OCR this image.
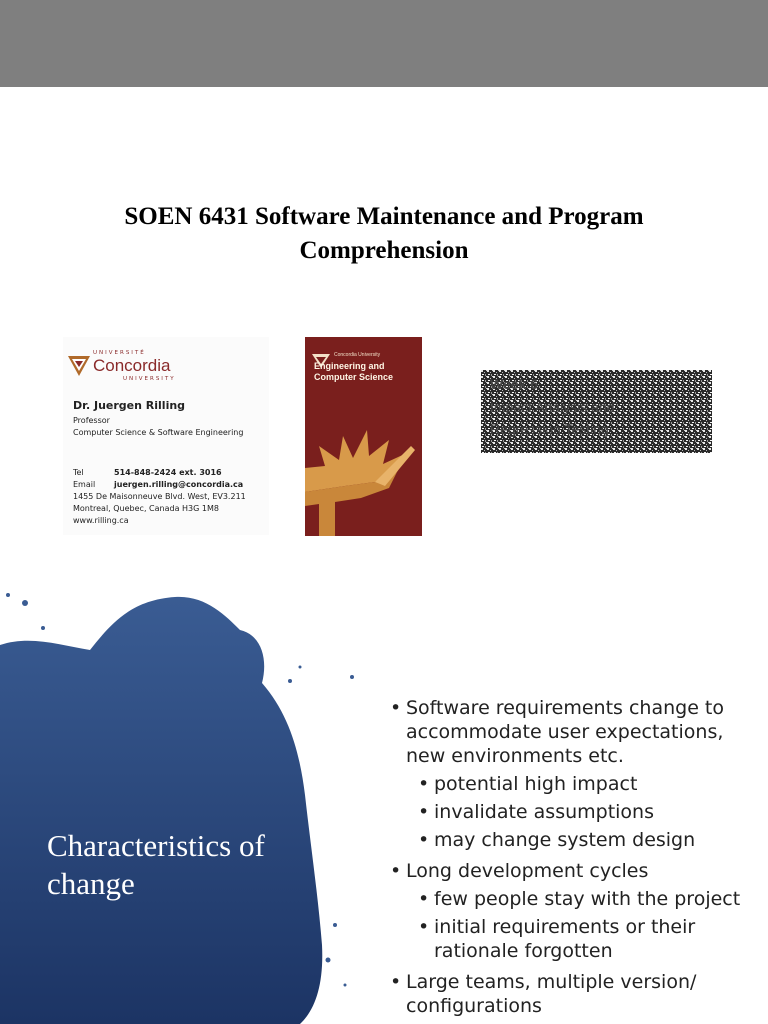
SOEN 6431 Software Maintenance and Program Comprehension
UNIVERSITÉ
Concordia
UNIVERSITY
Dr. Juergen Rilling
Professor
Computer Science & Software Engineering
Tel	514-848-2424 ext. 3016
Email juergen.rilling@concordia.ca
1455 De Maisonneuve Blvd. West, EV3.211
Montreal, Quebec, Canada H3G 1M8
www.rilling.ca
Concordia University
Engineering and Computer Science	Week 6
Impact Analysis and
Regression Testing
Characteristics of change
• Software requirements change to accommodate user expectations, new environments etc.
• potential high impact
• invalidate assumptions
• may change system design
• Long development cycles
• few people stay with the project
• initial requirements or their rationale forgotten
• Large teams, multiple version/ configurations
